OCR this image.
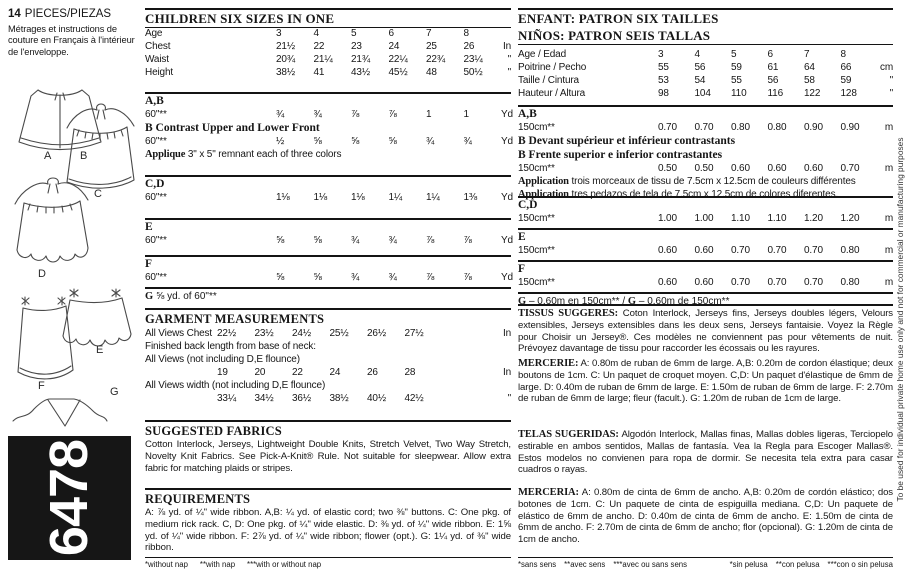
14 PIECES/PIEZAS
Métrages et instructions de couture en Français à l'intérieur de l'enveloppe.
A	B
C
D
E
F	G
6478
CHILDREN SIX SIZES IN ONE
Age	3	4	5	6	7	8
Chest	21½	22	23	24	25	26	In
Waist	20¾	21¼	21¾	22¼	22¾	23¼	"
Height	38½	41	43½	45½	48	50½	"
A,B
60"**	¾	¾	⅞	⅞	1	1	Yd
B Contrast Upper and Lower Front
60"**	½	⅝	⅝	⅝	¾	¾	Yd
Applique 3" x 5" remnant each of three colors
C,D
60"**	1⅛	1⅛	1⅛	1¼	1¼	1⅜	Yd
E
60"**	⅝	⅝	¾	¾	⅞	⅞	Yd
F
60"**	⅝	⅝	¾	¾	⅞	⅞	Yd
G ⅝ yd. of 60"**
GARMENT MEASUREMENTS
All Views Chest 22½	23½	24½	25½	26½	27½	In
Finished back length from base of neck:
All Views (not including D,E flounce)
19	20	22	24	26	28	In
All Views width (not including D,E flounce)
33¼	34½	36½	38½	40½	42½	"
SUGGESTED FABRICS

Cotton Interlock, Jerseys, Lightweight Double Knits, Stretch Velvet, Two Way Stretch, Novelty Knit Fabrics. See Pick-A-Knit® Rule. Not suitable for sleepwear. Allow extra fabric for matching plaids or stripes.

REQUIREMENTS

A: ⅞ yd. of ¼" wide ribbon. A,B: ¼ yd. of elastic cord; two ⅜" buttons. C: One pkg. of medium rick rack. C, D: One pkg. of ¼" wide elastic. D: ⅜ yd. of ¼" wide ribbon. E: 1⅝ yd. of ¼" wide ribbon. F: 2⅞ yd. of ¼" wide ribbon; flower (opt.). G: 1¼ yd. of ⅜" wide ribbon.

*without nap **with nap ***with or without nap
ENFANT: PATRON SIX TAILLES
NIÑOS: PATRON SEIS TALLAS
Age / Edad	3	4	5	6	7	8
Poitrine / Pecho	55	56	59	61	64	66	cm
Taille / Cintura	53	54	55	56	58	59	"
Hauteur / Altura	98	104	110	116	122	128	"
A,B
150cm**	0.70	0.70	0.80	0.80	0.90	0.90	m
B Devant supérieur et inférieur contrastants
B Frente superior e inferior contrastantes
150cm**	0.50	0.50	0.60	0.60	0.60	0.70	m
Application trois morceaux de tissu de 7.5cm x 12.5cm de couleurs différentes
Application tres pedazos de tela de 7.5cm x 12.5cm de colores diferentes.
C,D
150cm**	1.00	1.00	1.10	1.10	1.20	1.20	m
E
150cm**	0.60	0.60	0.70	0.70	0.70	0.80	m
F
150cm**	0.60	0.60	0.70	0.70	0.70	0.80	m
G – 0.60m en 150cm** / G – 0.60m de 150cm**

TISSUS SUGGERES: Coton Interlock, Jerseys fins, Jerseys doubles légers, Velours extensibles, Jerseys extensibles dans les deux sens, Jerseys fantaisie. Voyez la Règle pour Choisir un Jersey®. Ces modèles ne conviennent pas pour vêtements de nuit. Prévoyez davantage de tissu pour raccorder les écossais ou les rayures.

MERCERIE: A: 0.80m de ruban de 6mm de large. A,B: 0.20m de cordon élastique; deux boutons de 1cm. C: Un paquet de croquet moyen. C,D: Un paquet d'élastique de 6mm de large. D: 0.40m de ruban de 6mm de large. E: 1.50m de ruban de 6mm de large. F: 2.70m de ruban de 6mm de large; fleur (facult.). G: 1.20m de ruban de 1cm de large.

TELAS SUGERIDAS: Algodón Interlock, Mallas finas, Mallas dobles ligeras, Terciopelo estirable en ambos sentidos, Mallas de fantasía. Vea la Regla para Escoger Mallas®. Estos modelos no convienen para ropa de dormir. Se necesita tela extra para casar cuadros o rayas.

MERCERIA: A: 0.80m de cinta de 6mm de ancho. A,B: 0.20m de cordón elástico; dos botones de 1cm. C: Un paquete de cinta de espiguilla mediana. C,D: Un paquete de elástico de 6mm de ancho. D: 0.40m de cinta de 6mm de ancho. E: 1.50m de cinta de 6mm de ancho. F: 2.70m de cinta de 6mm de ancho; flor (opcional). G: 1.20m de cinta de 1cm de ancho.

*sans sens **avec sens ***avec ou sans sens	*sin pelusa **con pelusa ***con o sin pelusa
To be used for individual private home use only and not for commercial or manufacturing purposes
